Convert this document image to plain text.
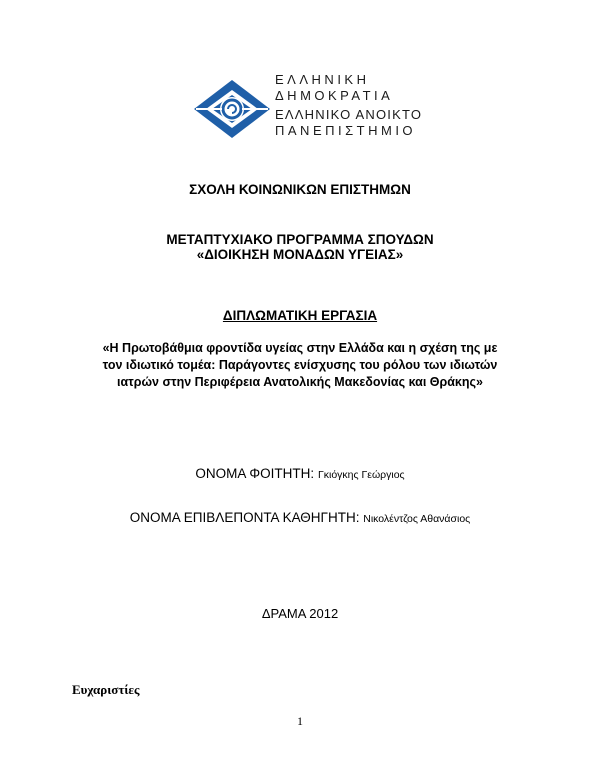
ΕΛΛΗΝΙΚΗ
ΔΗΜΟΚΡΑΤΙΑ
ΕΛΛΗΝΙΚΟ ΑΝΟΙΚΤΟ
ΠΑΝΕΠΙΣΤΗΜΙΟ
ΣΧΟΛΗ ΚΟΙΝΩΝΙΚΩΝ ΕΠΙΣΤΗΜΩΝ
ΜΕΤΑΠΤΥΧΙΑΚΟ ΠΡΟΓΡΑΜΜΑ ΣΠΟΥΔΩΝ
«ΔΙΟΙΚΗΣΗ ΜΟΝΑΔΩΝ ΥΓΕΙΑΣ»
ΔΙΠΛΩΜΑΤΙΚΗ ΕΡΓΑΣΙΑ
«Η Πρωτοβάθμια φροντίδα υγείας στην Ελλάδα και η σχέση της με
τον ιδιωτικό τομέα: Παράγοντες ενίσχυσης του ρόλου των ιδιωτών
ιατρών στην Περιφέρεια Ανατολικής Μακεδονίας και Θράκης»
ΟΝΟΜΑ ΦΟΙΤΗΤΗ: Γκιόγκης Γεώργιος
ΟΝΟΜΑ ΕΠΙΒΛΕΠΟΝΤΑ ΚΑΘΗΓΗΤΗ: Νικολέντζος Αθανάσιος
ΔΡΑΜΑ 2012
Ευχαριστίες
1
